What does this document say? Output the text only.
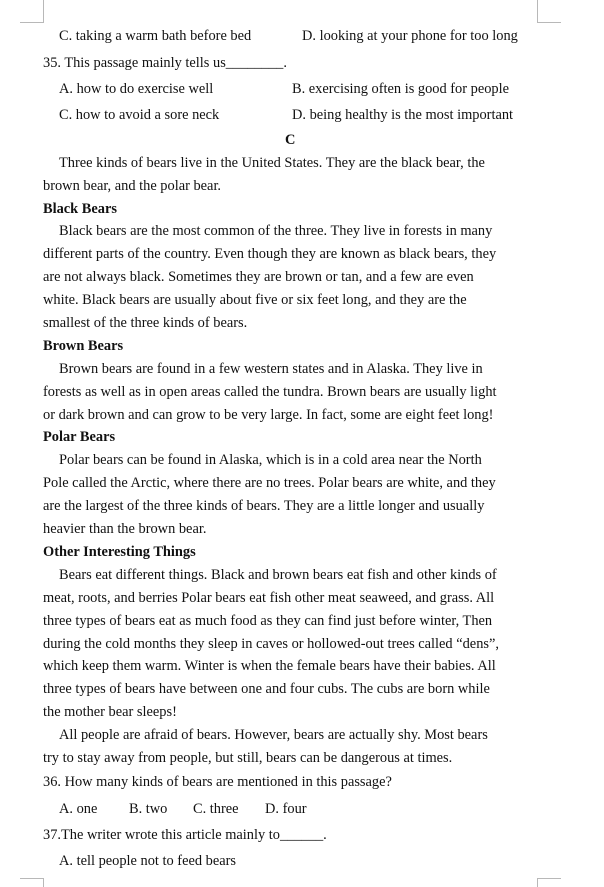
C. taking a warm bath before bed	D. looking at your phone for too long
35. This passage mainly tells us________.
A. how to do exercise well	B. exercising often is good for people
C. how to avoid a sore neck	D. being healthy is the most important
C
Three kinds of bears live in the United States. They are the black bear, the
brown bear, and the polar bear.
Black Bears
Black bears are the most common of the three. They live in forests in many
different parts of the country. Even though they are known as black bears, they
are not always black. Sometimes they are brown or tan, and a few are even
white. Black bears are usually about five or six feet long, and they are the
smallest of the three kinds of bears.
Brown Bears
Brown bears are found in a few western states and in Alaska. They live in
forests as well as in open areas called the tundra. Brown bears are usually light
or dark brown and can grow to be very large. In fact, some are eight feet long!
Polar Bears
Polar bears can be found in Alaska, which is in a cold area near the North
Pole called the Arctic, where there are no trees. Polar bears are white, and they
are the largest of the three kinds of bears. They are a little longer and usually
heavier than the brown bear.
Other Interesting Things
Bears eat different things. Black and brown bears eat fish and other kinds of
meat, roots, and berries Polar bears eat fish other meat seaweed, and grass. All
three types of bears eat as much food as they can find just before winter, Then
during the cold months they sleep in caves or hollowed-out trees called “dens”,
which keep them warm. Winter is when the female bears have their babies. All
three types of bears have between one and four cubs. The cubs are born while
the mother bear sleeps!
All people are afraid of bears. However, bears are actually shy. Most bears
try to stay away from people, but still, bears can be dangerous at times.
36. How many kinds of bears are mentioned in this passage?
A. one B. two C. three D. four
37.The writer wrote this article mainly to______.
A. tell people not to feed bears
